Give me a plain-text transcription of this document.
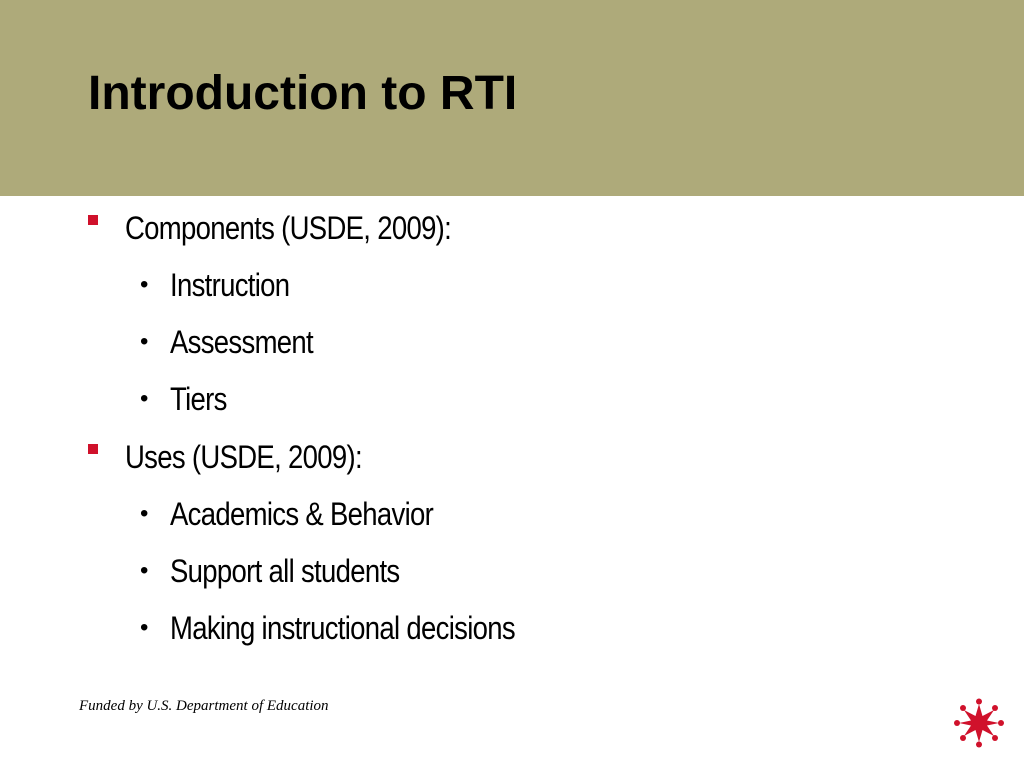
Introduction to RTI
Components (USDE, 2009):
• Instruction
• Assessment
• Tiers
Uses (USDE, 2009):
• Academics & Behavior
• Support all students
• Making instructional decisions
Funded by U.S. Department of Education
